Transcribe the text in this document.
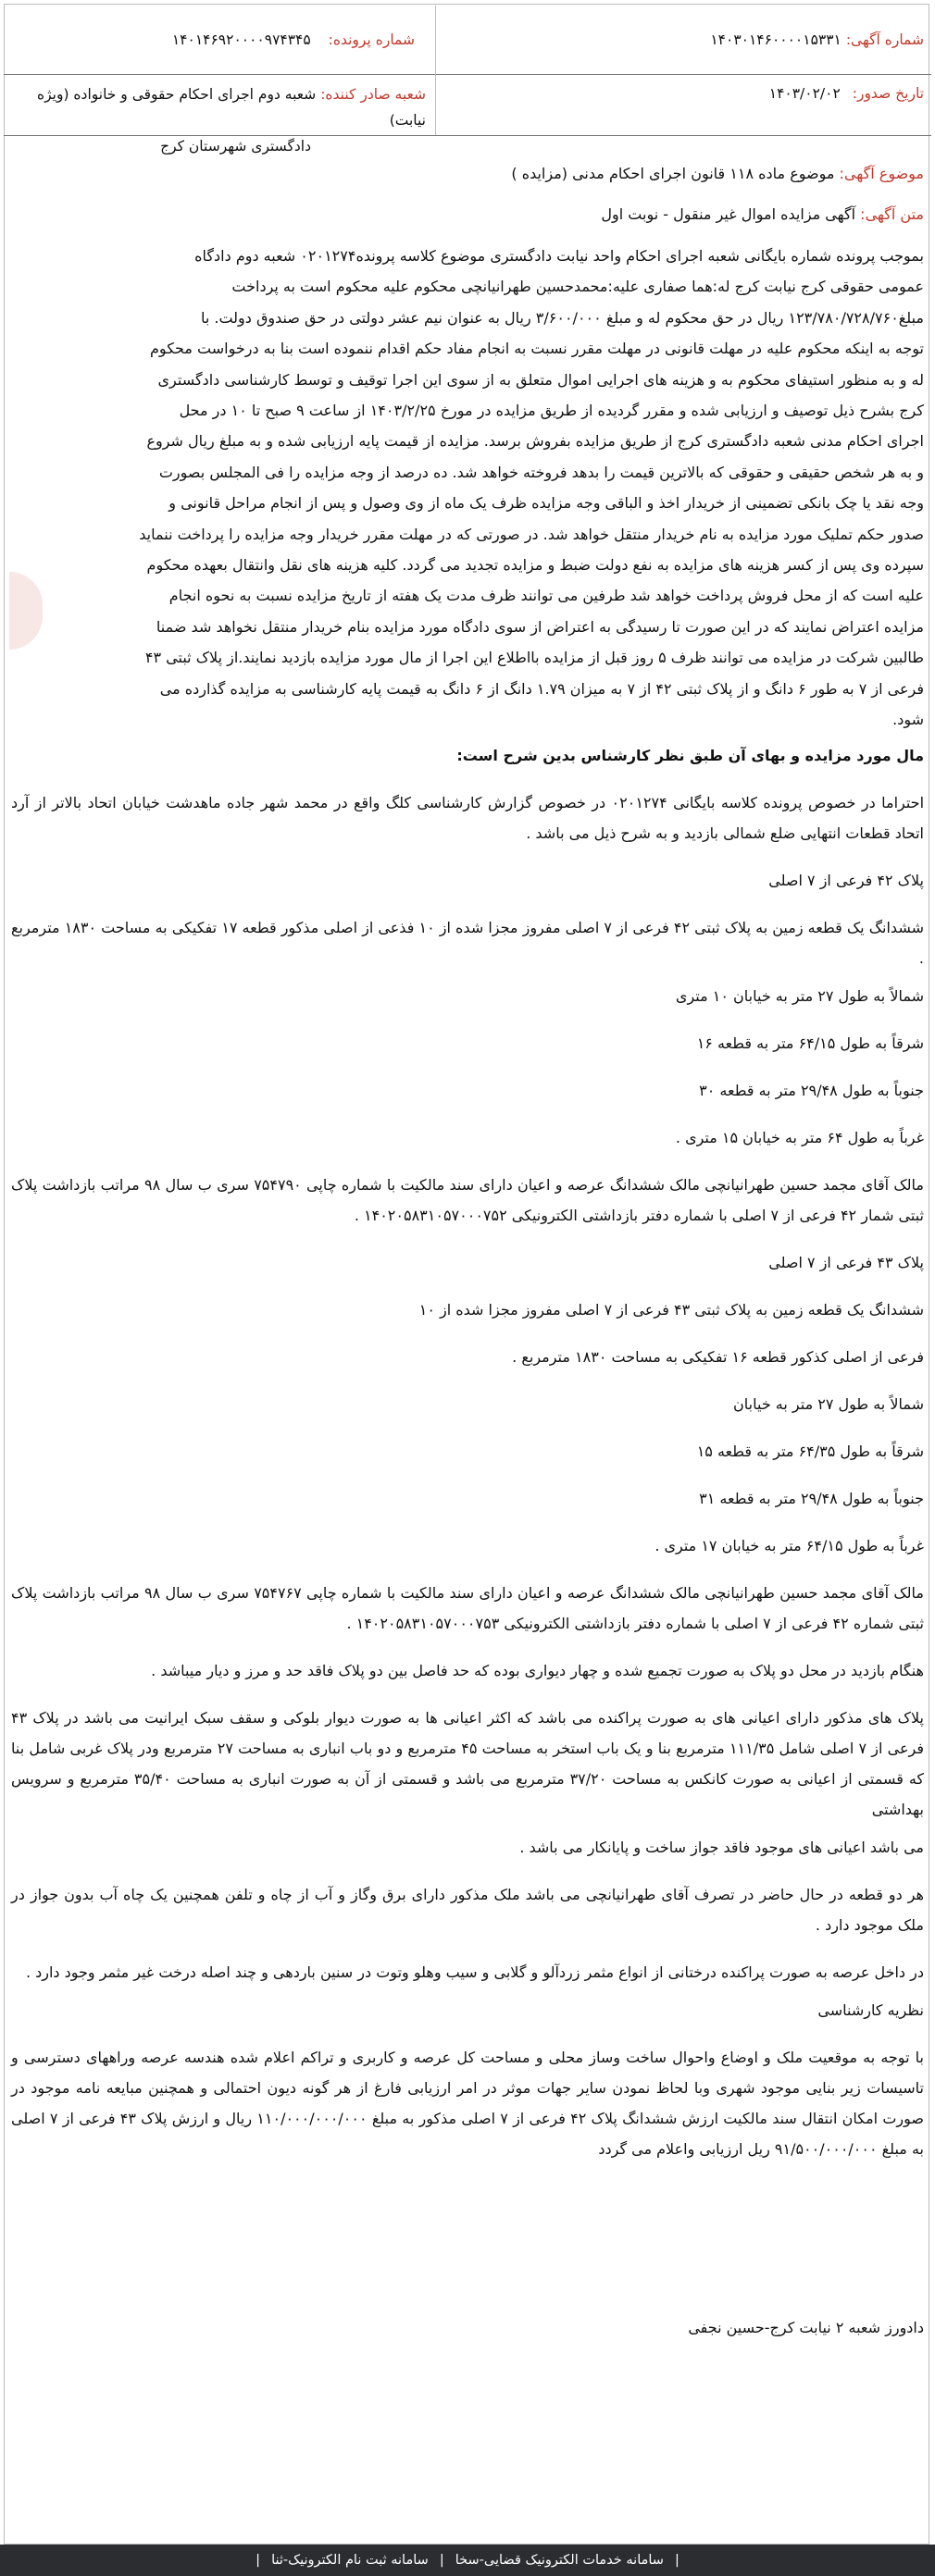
شماره آگهی: ۱۴۰۳۰۱۴۶۰۰۰۰۱۵۳۳۱
شماره پرونده: ۱۴۰۱۴۶۹۲۰۰۰۰۹۷۴۳۴۵
تاریخ صدور: ۱۴۰۳/۰۲/۰۲
شعبه صادر کننده: شعبه دوم اجرای احکام حقوقی و خانواده (ویژه نیابت)
دادگستری شهرستان کرج
موضوع آگهی: موضوع ماده ۱۱۸ قانون اجرای احکام مدنی (مزایده )
متن آگهی: آگهی مزایده اموال غیر منقول - نوبت اول

بموجب پرونده شماره بایگانی شعبه اجرای احکام واحد نیابت دادگستری موضوع کلاسه پرونده۰۲۰۱۲۷۴ شعبه دوم دادگاه

عمومی حقوقی کرج نیابت کرج له:هما صفاری علیه:محمدحسین طهرانیانچی محکوم علیه محکوم است به پرداخت

مبلغ۱۲۳/۷۸۰/۷۲۸/۷۶۰ ریال در حق محکوم له و مبلغ ۳/۶۰۰/۰۰۰ ریال به عنوان نیم عشر دولتی در حق صندوق دولت. با

توجه به اینکه محکوم علیه در مهلت قانونی در مهلت مقرر نسبت به انجام مفاد حکم اقدام ننموده است بنا به درخواست محکوم

له و به منظور استیفای محکوم به و هزینه های اجرایی اموال متعلق به از سوی این اجرا توقیف و توسط کارشناسی دادگستری

کرج بشرح ذیل توصیف و ارزیابی شده و مقرر گردیده از طریق مزایده در مورخ ۱۴۰۳/۲/۲۵ از ساعت ۹ صبح تا ۱۰ در محل

اجرای احکام مدنی شعبه دادگستری کرج از طریق مزایده بفروش برسد. مزایده از قیمت پایه ارزیابی شده و به مبلغ ریال شروع

و به هر شخص حقیقی و حقوقی که بالاترین قیمت را بدهد فروخته خواهد شد. ده درصد از وجه مزایده را فی المجلس بصورت

وجه نقد یا چک بانکی تضمینی از خریدار اخذ و الباقی وجه مزایده ظرف یک ماه از وی وصول و پس از انجام مراحل قانونی و

صدور حکم تملیک مورد مزایده به نام خریدار منتقل خواهد شد. در صورتی که در مهلت مقرر خریدار وجه مزایده را پرداخت ننماید

سپرده وی پس از کسر هزینه های مزایده به نفع دولت ضبط و مزایده تجدید می گردد. کلیه هزینه های نقل وانتقال بعهده محکوم

علیه است که از محل فروش پرداخت خواهد شد طرفین می توانند ظرف مدت یک هفته از تاریخ مزایده نسبت به نحوه انجام

مزایده اعتراض نمایند که در این صورت تا رسیدگی به اعتراض از سوی دادگاه مورد مزایده بنام خریدار منتقل نخواهد شد ضمنا

طالبین شرکت در مزایده می توانند ظرف ۵ روز قبل از مزایده بااطلاع این اجرا از مال مورد مزایده بازدید نمایند.از پلاک ثبتی ۴۳

فرعی از ۷ به طور ۶ دانگ و از پلاک ثبتی ۴۲ از ۷ به میزان ۱.۷۹ دانگ از ۶ دانگ به قیمت پایه کارشناسی به مزایده گذارده می

شود.

مال مورد مزایده و بهای آن طبق نظر کارشناس بدین شرح است:

احتراما در خصوص پرونده کلاسه بایگانی ۰۲۰۱۲۷۴ در خصوص گزارش کارشناسی کلگ واقع در محمد شهر جاده ماهدشت خیابان اتحاد بالاتر از آرد اتحاد قطعات انتهایی ضلع شمالی بازدید و به شرح ذیل می باشد .

پلاک ۴۲ فرعی از ۷ اصلی

ششدانگ یک قطعه زمین به پلاک ثبتی ۴۲ فرعی از ۷ اصلی مفروز مجزا شده از ۱۰ فذعی از اصلی مذکور قطعه ۱۷ تفکیکی به مساحت ۱۸۳۰ مترمربع .

شمالاً به طول ۲۷ متر به خیابان ۱۰ متری

شرقاً به طول ۶۴/۱۵ متر به قطعه ۱۶

جنوباً به طول ۲۹/۴۸ متر به قطعه ۳۰

غرباً به طول ۶۴ متر به خیابان ۱۵ متری .

مالک آقای مجمد حسین طهرانیانچی مالک ششدانگ عرصه و اعیان دارای سند مالکیت با شماره چاپی ۷۵۴۷۹۰ سری ب سال ۹۸ مراتب بازداشت پلاک ثبتی شمار ۴۲ فرعی از ۷ اصلی با شماره دفتر بازداشتی الکترونیکی ۱۴۰۲۰۵۸۳۱۰۵۷۰۰۰۷۵۲ .

پلاک ۴۳ فرعی از ۷ اصلی

ششدانگ یک قطعه زمین به پلاک ثبتی ۴۳ فرعی از ۷ اصلی مفروز مجزا شده از ۱۰

فرعی از اصلی کذکور قطعه ۱۶ تفکیکی به مساحت ۱۸۳۰ مترمربع .

شمالاً به طول ۲۷ متر به خیابان

شرقاً به طول ۶۴/۳۵ متر به قطعه ۱۵

جنوباً به طول ۲۹/۴۸ متر به قطعه ۳۱

غرباً به طول ۶۴/۱۵ متر به خیابان ۱۷ متری .

مالک آقای مجمد حسین طهرانیانچی مالک ششدانگ عرصه و اعیان دارای سند مالکیت با شماره چاپی ۷۵۴۷۶۷ سری ب سال ۹۸ مراتب بازداشت پلاک ثبتی شماره ۴۲ فرعی از ۷ اصلی با شماره دفتر بازداشتی الکترونیکی ۱۴۰۲۰۵۸۳۱۰۵۷۰۰۰۷۵۳ .

هنگام بازدید در محل دو پلاک به صورت تجمیع شده و چهار دیواری بوده که حد فاصل بین دو پلاک فاقد حد و مرز و دیار میباشد .

پلاک های مذکور دارای اعیانی های به صورت پراکنده می باشد که اکثر اعیانی ها به صورت دیوار بلوکی و سقف سبک ایرانیت می باشد در پلاک ۴۳ فرعی از ۷ اصلی شامل ۱۱۱/۳۵ مترمربع بنا و یک باب استخر به مساحت ۴۵ مترمربع و دو باب انباری به مساحت ۲۷ مترمربع ودر پلاک غربی شامل بنا که قسمتی از اعیانی به صورت کانکس به مساحت ۳۷/۲۰ مترمربع می باشد و قسمتی از آن به صورت انباری به مساحت ۳۵/۴۰ مترمربع و سرویس بهداشتی

می باشد اعیانی های موجود فاقد جواز ساخت و پایانکار می باشد .

هر دو قطعه در حال حاضر در تصرف آقای طهرانیانچی می باشد ملک مذکور دارای برق وگاز و آب از چاه و تلفن همچنین یک چاه آب بدون جواز در ملک موجود دارد .

در داخل عرصه به صورت پراکنده درختانی از انواع مثمر زردآلو و گلابی و سیب وهلو وتوت در سنین باردهی و چند اصله درخت غیر مثمر وجود دارد .

نظریه کارشناسی

با توجه به موقعیت ملک و اوضاع واحوال ساخت وساز محلی و مساحت کل عرصه و کاربری و تراکم اعلام شده هندسه عرصه وراههای دسترسی و تاسیسات زیر بنایی موجود شهری وبا لحاظ نمودن سایر جهات موثر در امر ارزیابی فارغ از هر گونه دیون احتمالی و همچنین مبایعه نامه موجود در صورت امکان انتقال سند مالکیت ارزش ششدانگ پلاک ۴۲ فرعی از ۷ اصلی مذکور به مبلغ ۱۱۰/۰۰۰/۰۰۰/۰۰۰ ریال و ارزش پلاک ۴۳ فرعی از ۷ اصلی به مبلغ ۹۱/۵۰۰/۰۰۰/۰۰۰ ریل ارزیابی واعلام می گردد

دادورز شعبه ۲ نیابت کرج-حسین نجفی
|
سامانه خدمات الکترونیک قضایی-سخا
|
سامانه ثبت نام الکترونیک-ثنا
|
